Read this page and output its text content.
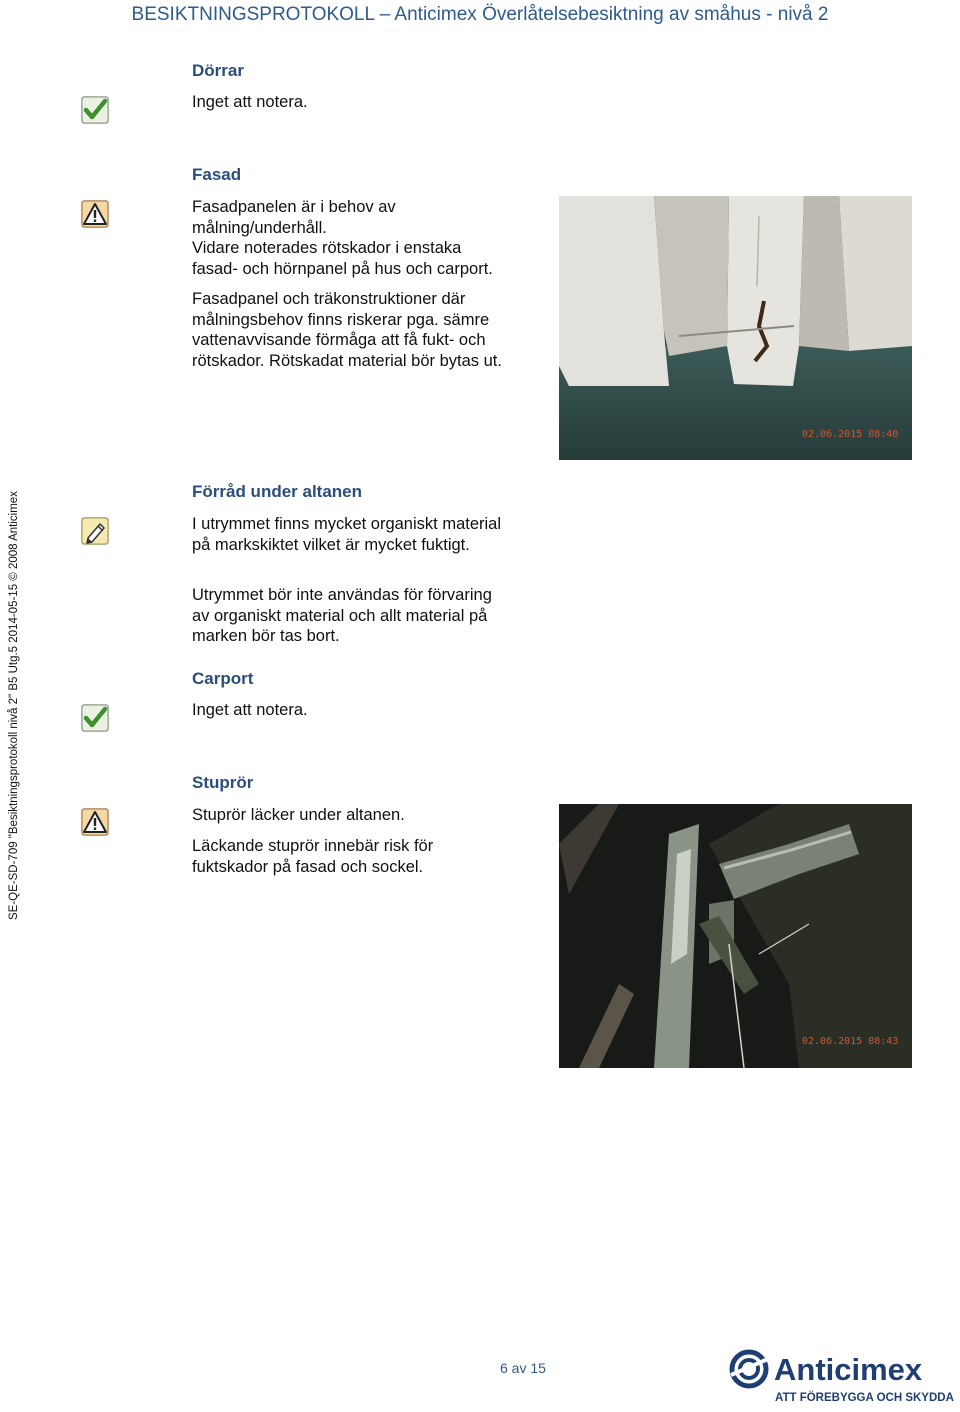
BESIKTNINGSPROTOKOLL – Anticimex Överlåtelsebesiktning av småhus - nivå 2
SE-QE-SD-709 "Besiktningsprotokoll nivå 2" B5 Utg.5 2014-05-15 © 2008 Anticimex
Dörrar
Inget att notera.
Fasad
Fasadpanelen är i behov av
målning/underhåll.
Vidare noterades rötskador i enstaka
fasad- och hörnpanel på hus och carport.
Fasadpanel och träkonstruktioner där
målningsbehov finns riskerar pga. sämre
vattenavvisande förmåga att få fukt- och
rötskador. Rötskadat material bör bytas ut.
02.06.2015 08:40
Förråd under altanen
I utrymmet finns mycket organiskt material
på markskiktet vilket är mycket fuktigt.
Utrymmet bör inte användas för förvaring
av organiskt material och allt material på
marken bör tas bort.
Carport
Inget att notera.
Stuprör
Stuprör läcker under altanen.
Läckande stuprör innebär risk för
fuktskador på fasad och sockel.
02.06.2015 08:43
6 av 15	Anticimex
ATT FÖREBYGGA OCH SKYDDA
